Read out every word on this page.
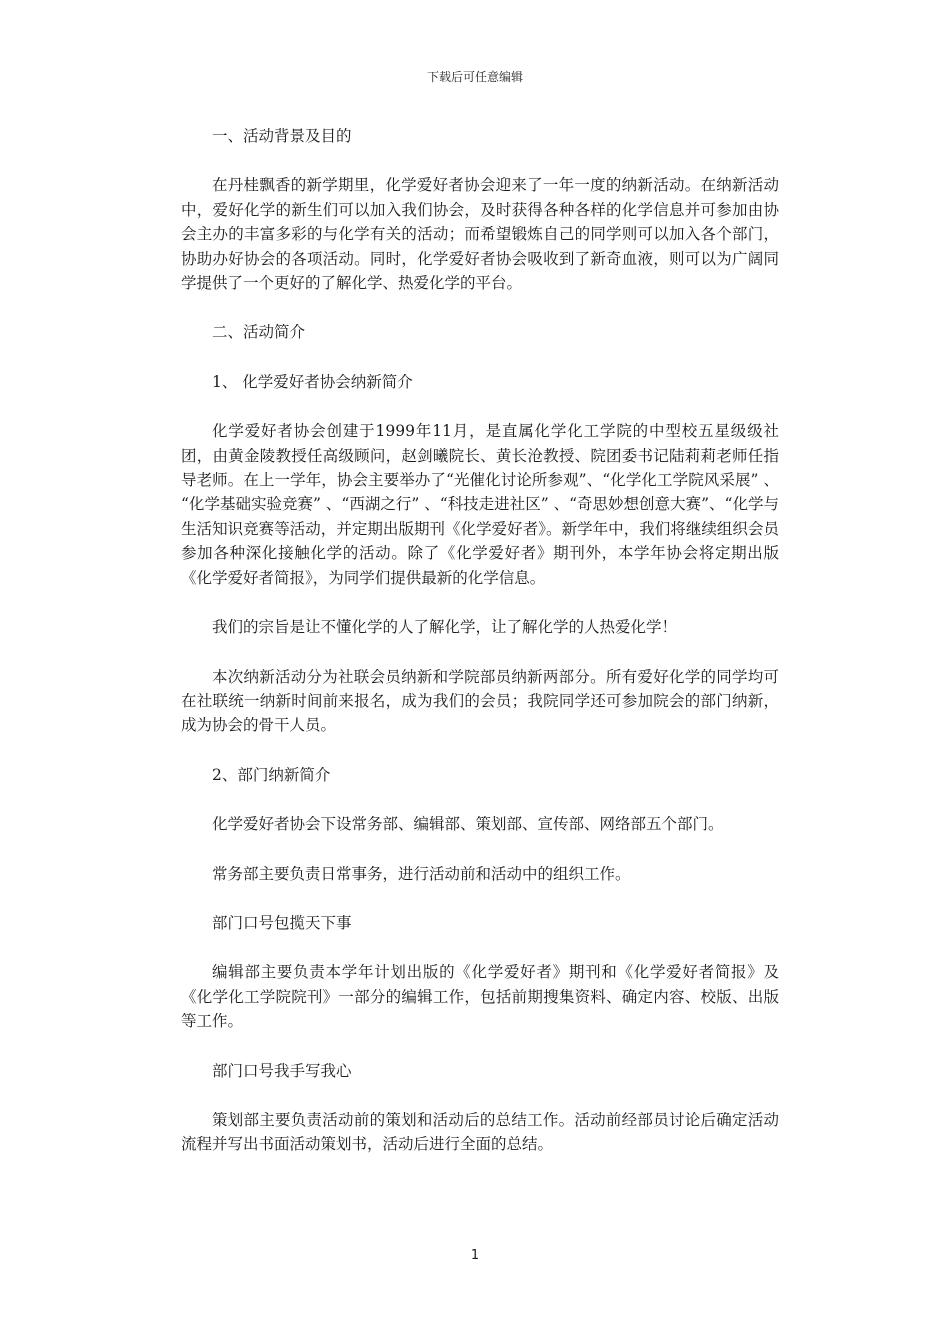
下载后可任意编辑

一、活动背景及目的

在丹桂飘香的新学期里，化学爱好者协会迎来了一年一度的纳新活动。在纳新活动中，爱好化学的新生们可以加入我们协会，及时获得各种各样的化学信息并可参加由协会主办的丰富多彩的与化学有关的活动；而希望锻炼自己的同学则可以加入各个部门，协助办好协会的各项活动。同时，化学爱好者协会吸收到了新奇血液，则可以为广阔同学提供了一个更好的了解化学、热爱化学的平台。

二、活动简介

1、 化学爱好者协会纳新简介

化学爱好者协会创建于1999年11月，是直属化学化工学院的中型校五星级级社团，由黄金陵教授任高级顾问，赵剑曦院长、黄长沧教授、院团委书记陆莉莉老师任指导老师。在上一学年，协会主要举办了“光催化讨论所参观”、“化学化工学院风采展” 、 “化学基础实验竞赛” 、“西湖之行” 、“科技走进社区” 、“奇思妙想创意大赛”、“化学与生活知识竞赛等活动，并定期出版期刊《化学爱好者》。新学年中，我们将继续组织会员参加各种深化接触化学的活动。除了《化学爱好者》期刊外，本学年协会将定期出版《化学爱好者简报》，为同学们提供最新的化学信息。

我们的宗旨是让不懂化学的人了解化学，让了解化学的人热爱化学！

本次纳新活动分为社联会员纳新和学院部员纳新两部分。所有爱好化学的同学均可在社联统一纳新时间前来报名，成为我们的会员；我院同学还可参加院会的部门纳新，成为协会的骨干人员。

2、部门纳新简介

化学爱好者协会下设常务部、编辑部、策划部、宣传部、网络部五个部门。

常务部主要负责日常事务，进行活动前和活动中的组织工作。

部门口号包揽天下事

编辑部主要负责本学年计划出版的《化学爱好者》期刊和《化学爱好者简报》及《化学化工学院院刊》一部分的编辑工作，包括前期搜集资料、确定内容、校版、出版等工作。

部门口号我手写我心

策划部主要负责活动前的策划和活动后的总结工作。活动前经部员讨论后确定活动流程并写出书面活动策划书，活动后进行全面的总结。

1
